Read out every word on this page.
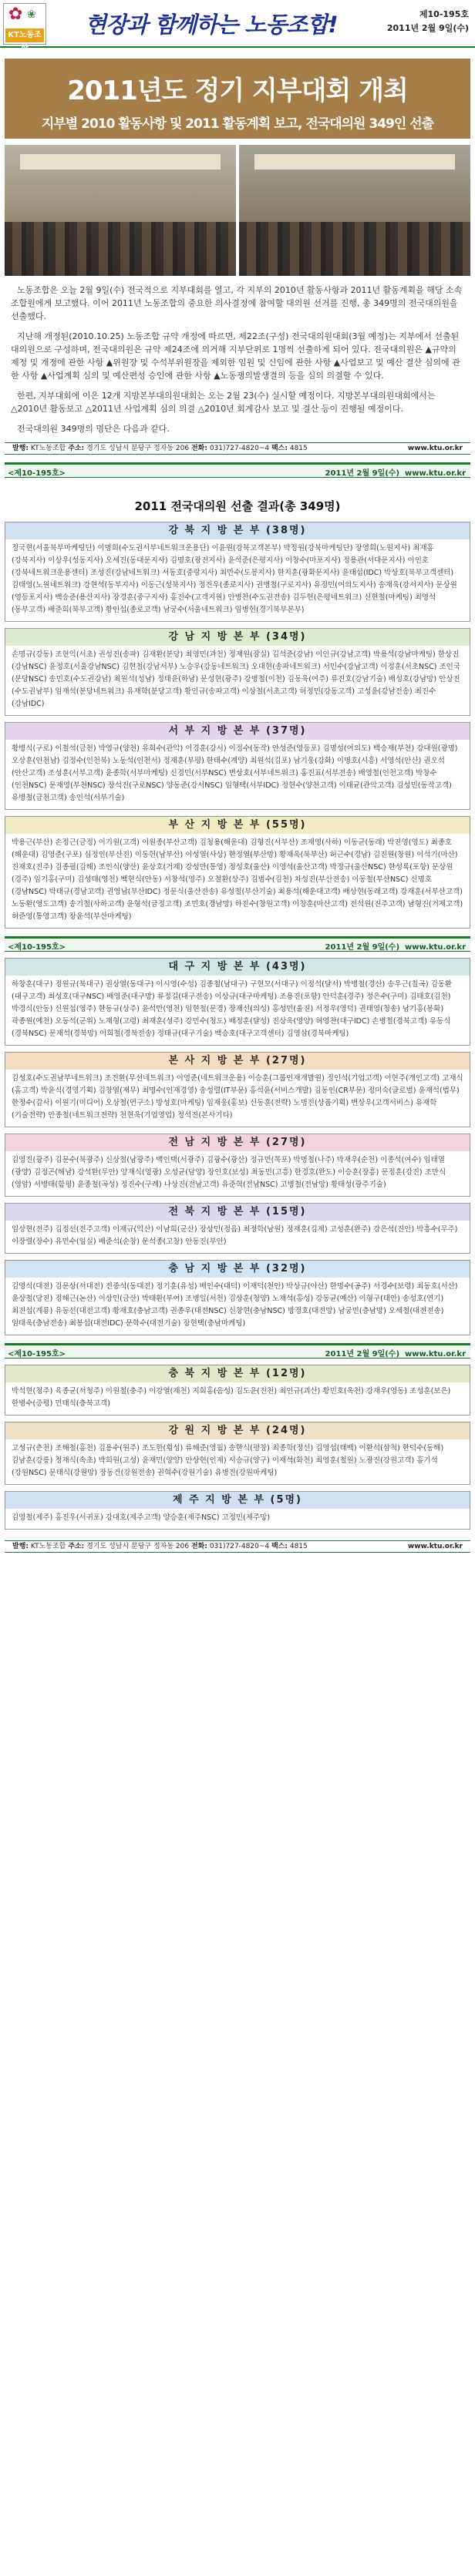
✿ ❀
KT노동조합
현장과 함께하는 노동조합!	제10-195호
2011년 2월 9일(수)
2011년도 정기 지부대회 개최
지부별 2010 활동사항 및 2011 활동계획 보고, 전국대의원 349인 선출

노동조합은 오늘 2월 9일(수) 전국적으로 지부대회를 열고, 각 지부의 2010년 활동사항과 2011년 활동계획을 해당 소속조합원에게 보고했다. 이어 2011년 노동조합의 중요한 의사결정에 참여할 대의원 선거를 진행, 총 349명의 전국대의원을 선출했다.

지난해 개정된(2010.10.25) 노동조합 규약 개정에 따르면, 제22조(구성) 전국대의원대회(3월 예정)는 지부에서 선출된 대의원으로 구성하며, 전국대의원은 규약 제24조에 의거해 지부단위로 1명씩 선출하게 되어 있다. 전국대의원은 ▲규약의 제정 및 개정에 관한 사항 ▲위원장 및 수석부위원장을 제외한 임원 및 신임에 관한 사항 ▲사업보고 및 예산 결산 심의에 관한 사항 ▲사업계획 심의 및 예산편성 승인에 관한 사항 ▲노동쟁의발생결의 등을 심의 의결할 수 있다.

한편, 지부대회에 이은 12개 지방본부대의원대회는 오는 2월 23(수) 실시할 예정이다. 지방본부대의원대회에서는 △2010년 활동보고 △2011년 사업계획 심의 의결 △2010년 회계감사 보고 및 결산 등이 진행될 예정이다.

전국대의원 349명의 명단은 다음과 같다.

발행: KT노동조합 주소: 경기도 성남시 분당구 정자동 206 전화: 031)727-4820~4 팩스: 4815	www.ktu.or.kr
<제10-195호>	2011년 2월 9일(수) www.ktu.or.kr
2011 전국대의원 선출 결과(총 349명)
강 북 지 방 본 부 (38명)
정국현(서울북부마케팅단) 이명희(수도권서부네트워크운용단) 이윤원(강북고객본부) 박정원(강북마케팅단) 장영희(노원지사) 최재홍(강북지사) 이상우(성동지사) 오세진(동대문지사) 김명호(광진지사) 윤석준(은평지사) 이창수(마포지사) 정용관(서대문지사) 이인호(강북네트워크운용센터) 조성진(강남네트워크) 서동호(중랑지사) 최만수(도봉지사) 한지훈(광화문지사) 윤태섭(IDC) 박상호(북부고객센터) 김태영(노원네트워크) 강현석(동부지사) 이동근(성북지사) 정진우(종로지사) 권병철(구로지사) 유정민(여의도지사) 송재욱(강서지사) 문상원(영등포지사) 백승준(용산지사) 장경훈(중구지사) 홍진수(고객지원) 안병찬(수도권전송) 김두현(은평네트워크) 신현철(마케팅) 최영석(동부고객) 배준희(북부고객) 황인섭(종로고객) 남궁수(서울네트워크) 임병헌(경기북부본부)
강 남 지 방 본 부 (34명)
손명규(강동) 조현익(서초) 권성진(송파) 김재환(분당) 최영민(과천) 정재원(잠실) 김석준(강남) 이인규(강남고객) 박용석(강남마케팅) 한상진(강남NSC) 윤정호(서울강남NSC) 김현철(강남서부) 노승우(강동네트워크) 오대현(송파네트워크) 서민수(강남고객) 이정훈(서초NSC) 조인국(분당NSC) 송민호(수도권강남) 최원석(성남) 정태윤(하남) 문성현(광주) 강병철(이천) 김동욱(여주) 류진호(강남기술) 배성호(강남망) 안상진(수도권남부) 임재석(분당네트워크) 유재학(분당고객) 황인규(송파고객) 이상철(서초고객) 허정민(강동고객) 고성윤(강남전송) 최진수(강남IDC)
서 부 지 방 본 부 (37명)
황병식(구로) 이철석(금천) 박영규(양천) 유희수(관악) 이경훈(강서) 이정수(동작) 안성준(영등포) 김명성(여의도) 백승재(부천) 강대원(광명) 오상훈(인천남) 김정수(인천북) 노동석(인천서) 정재훈(부평) 한태수(계양) 최원석(김포) 남기웅(강화) 이명호(시흥) 서영석(안산) 권오석(안산고객) 조성훈(서부고객) 윤종학(서부마케팅) 신경민(서부NSC) 변상호(서부네트워크) 홍진표(서부전송) 배영철(인천고객) 박창수(인천NSC) 문재영(부천NSC) 장석진(구로NSC) 양동준(강서NSC) 임형택(서부IDC) 정현수(양천고객) 이태균(관악고객) 김성민(동작고객) 유병철(금천고객) 송인석(서부기술)
부 산 지 방 본 부 (55명)
박용근(부산) 손정근(금정) 이기원(고객) 이원종(부산고객) 김청용(해운대) 김형진(서부산) 조재영(사하) 이동균(동래) 박진영(영도) 최종호(해운대) 김영준(구포) 심정인(부산진) 이동헌(남부산) 이성열(사상) 한정열(부산망) 황재욱(북부산) 허근수(경남) 김진원(창원) 이석기(마산) 진재호(진주) 김종필(김해) 조인식(양산) 윤상호(거제) 강성만(통영) 정성호(울산) 이영석(울산고객) 박정규(울산NSC) 한성록(포항) 문상원(경주) 임기홍(구미) 김성태(영천) 백현식(안동) 서창석(영주) 오철환(상주) 김범수(김천) 차성진(부산전송) 이동철(부산NSC) 신명호(경남NSC) 박태규(경남고객) 권영남(부산IDC) 정문식(울산전송) 유성철(부산기술) 최용석(해운대고객) 배상현(동래고객) 강재훈(서부산고객) 노동환(영도고객) 송기철(사하고객) 윤형석(금정고객) 조민호(경남망) 하진수(창원고객) 이창훈(마산고객) 전석원(진주고객) 남형진(거제고객) 허준영(통영고객) 장윤석(부산마케팅)
<제10-195호>	2011년 2월 9일(수) www.ktu.or.kr
대 구 지 방 본 부 (43명)
하창훈(대구) 정원규(북대구) 권상열(동대구) 이시영(수성) 김종철(남대구) 구현모(서대구) 이정석(달서) 박병철(경산) 송우근(칠곡) 김동환(대구고객) 최성호(대구NSC) 배영준(대구망) 류정길(대구전송) 이상규(대구마케팅) 조용진(포항) 안덕훈(경주) 정은수(구미) 김태호(김천) 박경식(안동) 신원섭(영주) 한동규(상주) 윤석만(영천) 임현철(문경) 장재선(의성) 홍성민(울진) 서정우(영덕) 권태영(청송) 남기홍(봉화) 곽종원(예천) 오동석(군위) 노재형(고령) 최재훈(성주) 강민수(청도) 배정훈(달성) 진상욱(영양) 허영찬(대구IDC) 손병철(경북고객) 유동식(경북NSC) 문재석(경북망) 이희철(경북전송) 정태규(대구기술) 백승호(대구고객센터) 김영삼(경북마케팅)
본 사 지 방 본 부 (27명)
김성호(수도권남부네트워크) 조진환(무선네트워크) 이영준(네트워크운용) 이승훈(그룹인재개발원) 정인석(기업고객) 이현주(개인고객) 고재식(홈고객) 박윤식(경영기획) 김창열(재무) 최명수(인재경영) 송성렬(IT부문) 홍석윤(서비스개발) 김동인(CR부문) 정미숙(글로벌) 윤재석(법무) 한정수(감사) 이원기(미디어) 오상철(연구소) 방성호(마케팅) 임재웅(홍보) 신동훈(전략) 노명진(상품기획) 변상우(고객서비스) 유재학(기술전략) 안종철(네트워크전략) 천현욱(기업영업) 정석진(본사기타)
전 남 지 방 본 부 (27명)
김영진(광주) 김문수(북광주) 신상철(남광주) 백인택(서광주) 김광수(광산) 정규민(목포) 박명철(나주) 박재우(순천) 이종석(여수) 임태열(광양) 김정곤(해남) 강석환(무안) 양재식(영광) 오성균(담양) 장인호(보성) 최동민(고흥) 한경호(완도) 이승훈(장흥) 문정훈(강진) 조만식(영암) 서병태(함평) 윤종철(곡성) 정진수(구례) 나상진(전남고객) 유준혁(전남NSC) 고병철(전남망) 황태성(광주기술)
전 북 지 방 본 부 (15명)
임상현(전주) 김정선(전주고객) 이재규(익산) 이남희(군산) 장상민(정읍) 최정학(남원) 정재훈(김제) 고성훈(완주) 강은석(진안) 박흥수(무주) 이장렬(장수) 유민수(임실) 배준석(순창) 문석종(고창) 안동진(부안)
충 남 지 방 본 부 (32명)
김영식(대전) 김문상(서대전) 전중식(동대전) 정기훈(유성) 배인수(대덕) 이재덕(천안) 박상규(아산) 한명수(공주) 서경수(보령) 최동호(서산) 윤상철(당진) 정해근(논산) 이상민(금산) 박태환(부여) 조병일(서천) 김상훈(청양) 노재석(홍성) 강동균(예산) 이형구(태안) 송성호(연기) 최진섭(계룡) 유동선(대전고객) 황재호(충남고객) 권종우(대전NSC) 신창현(충남NSC) 방경호(대전망) 남궁민(충남망) 오세철(대전전송) 임태욱(충남전송) 최봉섭(대전IDC) 문학수(대전기술) 장현택(충남마케팅)
<제10-195호>	2011년 2월 9일(수) www.ktu.or.kr
충 북 지 방 본 부 (12명)
박석현(청주) 육종균(서청주) 이원철(충주) 이강열(제천) 지희홍(음성) 김도윤(진천) 최인규(괴산) 황민호(옥천) 강재우(영동) 조성훈(보은) 한병수(증평) 민태식(충북고객)
강 원 지 방 본 부 (24명)
고성규(춘천) 조해철(홍천) 김용수(원주) 조도한(횡성) 류해준(영월) 송한식(평창) 최종학(정선) 김영섭(태백) 이환석(삼척) 한덕수(동해) 김남훈(강릉) 정재식(속초) 박희원(고성) 윤재민(양양) 안상현(인제) 서승규(양구) 이재석(화천) 최영훈(철원) 노광진(강원고객) 홍기석(강원NSC) 문태식(강원망) 장동건(강원전송) 권혁수(강원기술) 유병진(강원마케팅)
제 주 지 방 본 부 (5명)
김영철(제주) 홍진우(서귀포) 강대호(제주고객) 양승훈(제주NSC) 고정민(제주망)
발행: KT노동조합 주소: 경기도 성남시 분당구 정자동 206 전화: 031)727-4820~4 팩스: 4815	www.ktu.or.kr
